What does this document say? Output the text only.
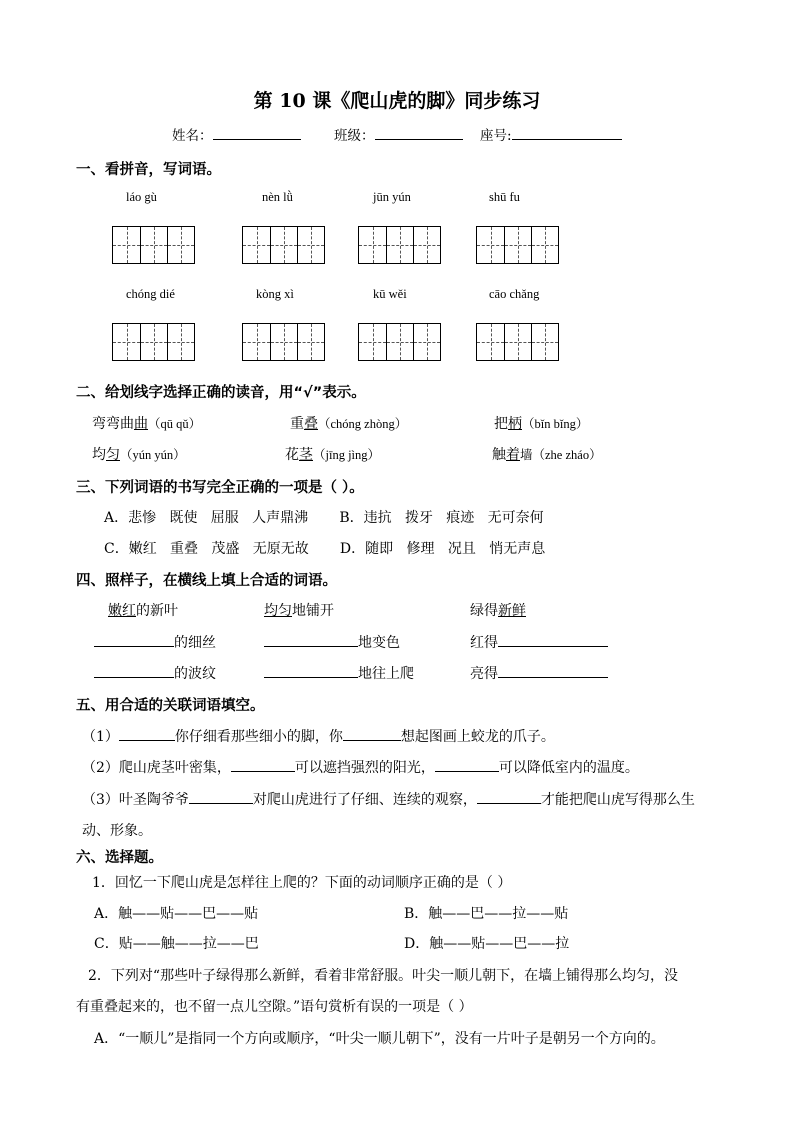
第 10 课《爬山虎的脚》同步练习
姓名：	班级：	座号:
一、看拼音，写词语。
láo gù	nèn lǜ	jūn yún	shū fu
chóng dié	kòng xì	kū wěi	cāo chǎng
二、给划线字选择正确的读音，用“√”表示。
弯弯曲曲（qū qǔ）	重叠（chóng zhòng）	把柄（bǐn bǐng）
均匀（yún yún）	花茎（jīng jìng）	触着墙（zhe zháo）
三、下列词语的书写完全正确的一项是（ ）。
A．悲惨   既使   屈服   人声鼎沸       B．违抗   拨牙   痕迹   无可奈何
C．嫩红   重叠   茂盛   无原无故       D．随即   修理   况且   悄无声息
四、照样子，在横线上填上合适的词语。
嫩红的新叶	均匀地铺开	绿得新鲜
的细丝	地变色	红得
的波纹	地往上爬	亮得
五、用合适的关联词语填空。
（1）	你仔细看那些细小的脚，你	想起图画上蛟龙的爪子。
（2）爬山虎茎叶密集，	可以遮挡强烈的阳光，	可以降低室内的温度。
（3）叶圣陶爷爷	对爬山虎进行了仔细、连续的观察，	才能把爬山虎写得那么生
动、形象。
六、选择题。
1．回忆一下爬山虎是怎样往上爬的？下面的动词顺序正确的是（ ）
A．触——贴——巴——贴	B．触——巴——拉——贴
C．贴——触——拉——巴	D．触——贴——巴——拉
2．下列对“那些叶子绿得那么新鲜，看着非常舒服。叶尖一顺儿朝下，在墙上铺得那么均匀，没
有重叠起来的，也不留一点儿空隙。”语句赏析有误的一项是（ ）
A．“一顺儿”是指同一个方向或顺序，“叶尖一顺儿朝下”，没有一片叶子是朝另一个方向的。
